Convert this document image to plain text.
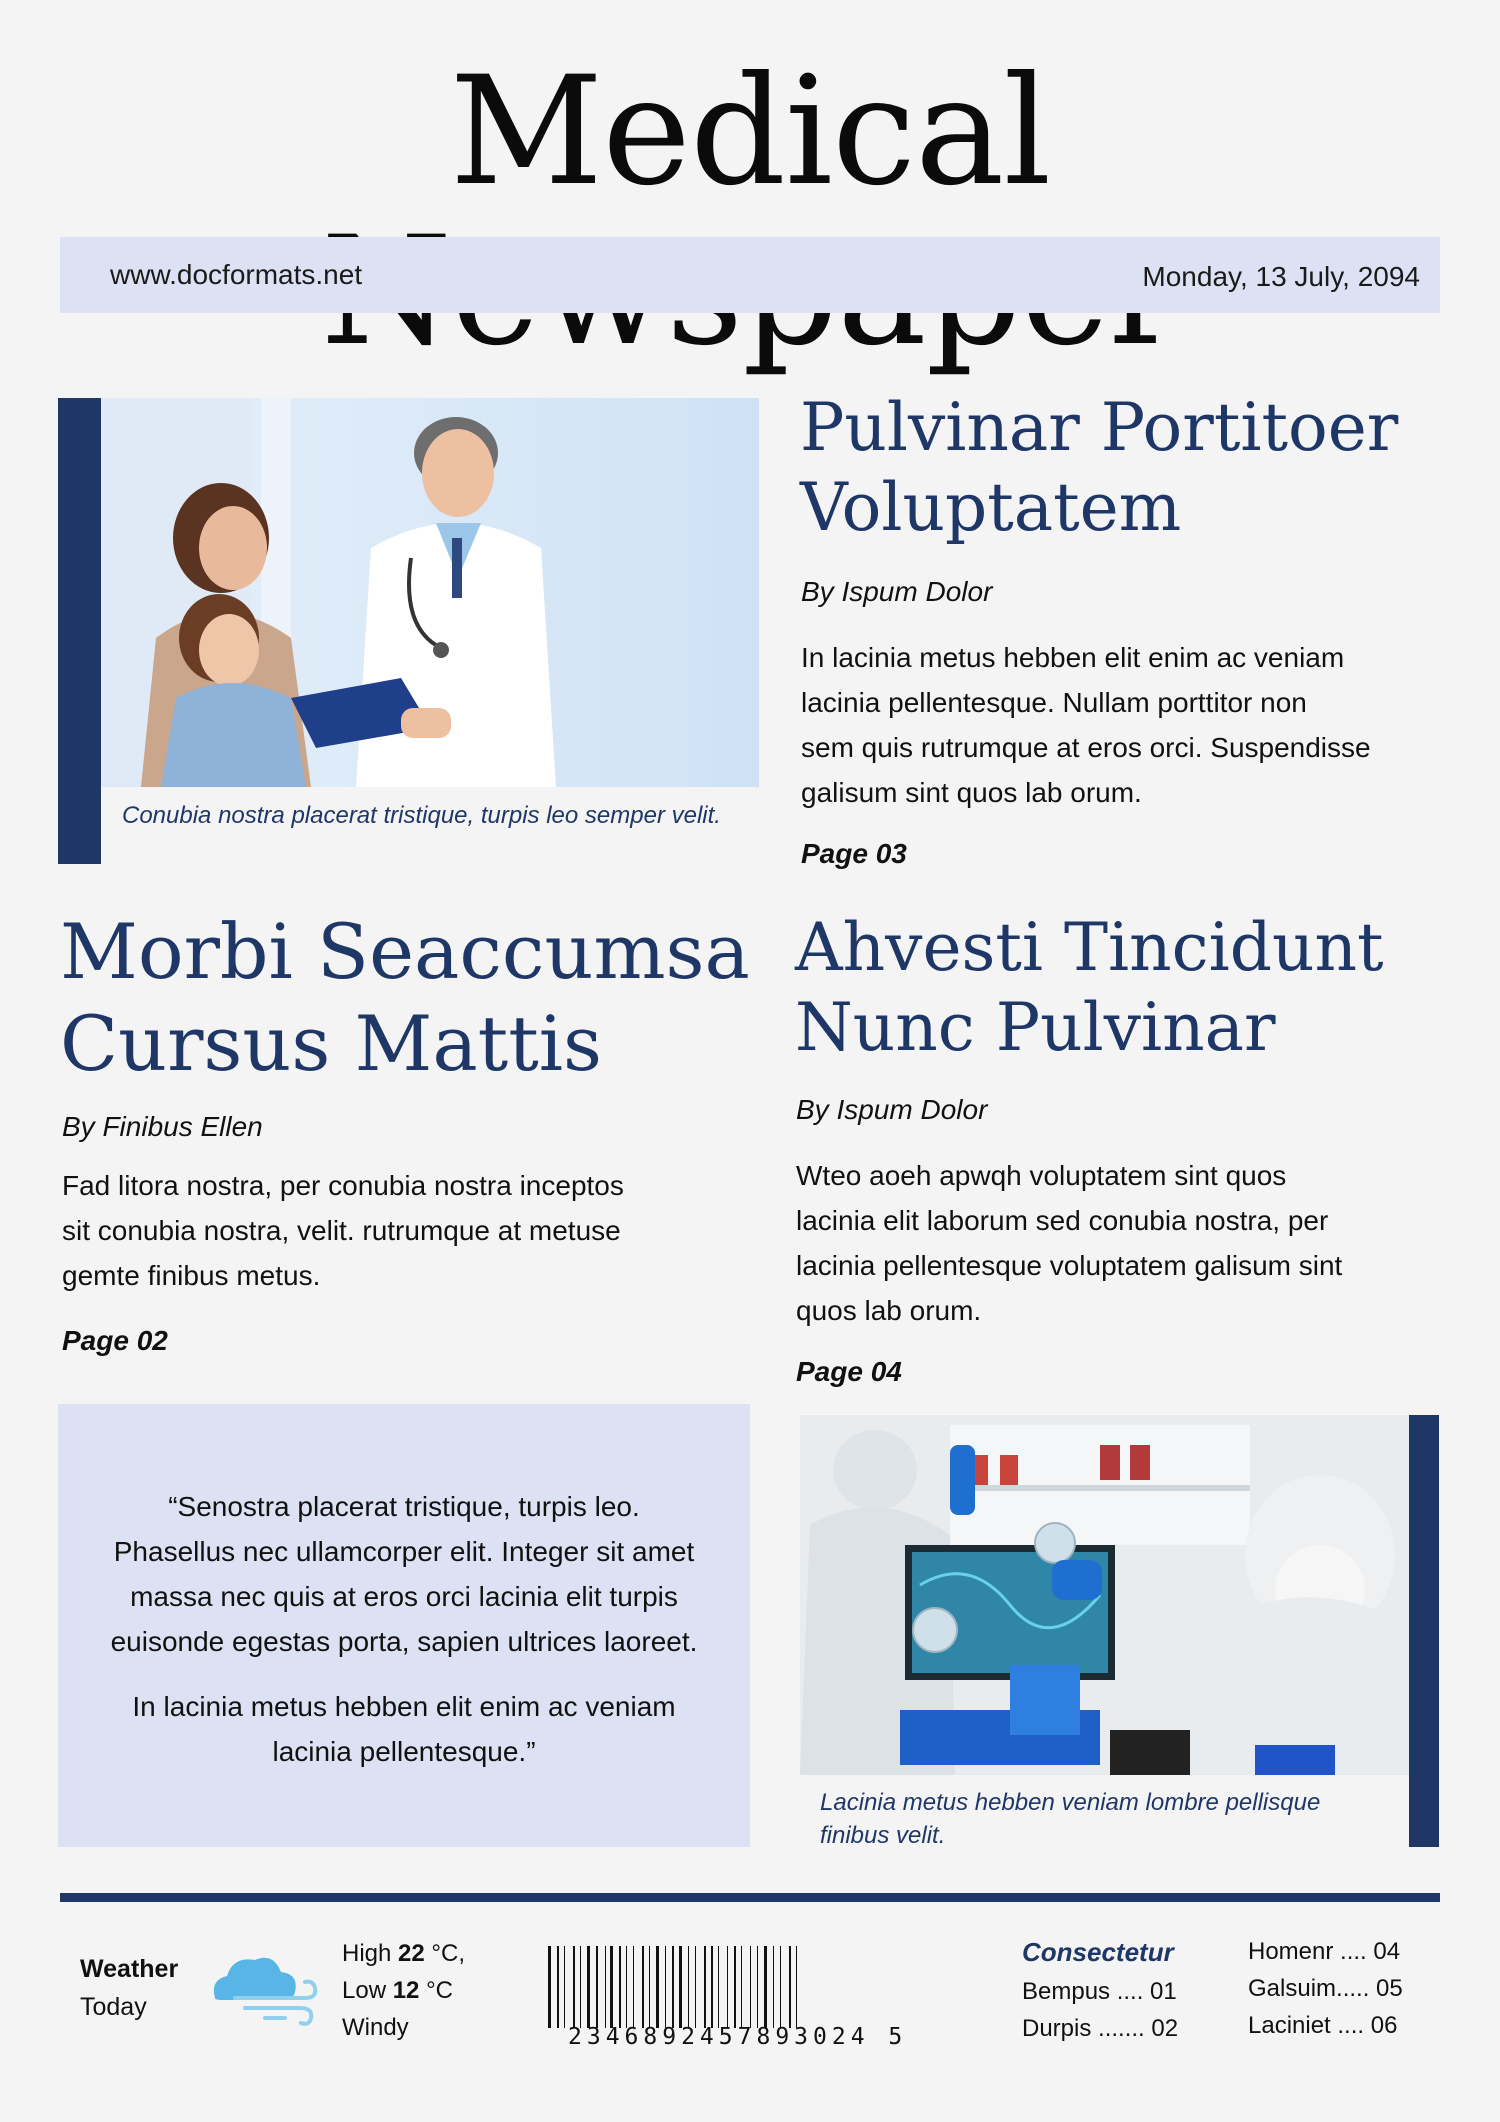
Medical
www.docformats.net	Monday, 13 July, 2094
Conubia nostra placerat tristique, turpis leo semper velit.
Pulvinar Portitoer
Voluptatem
By Ispum Dolor
In lacinia metus hebben elit enim ac veniam
lacinia pellentesque. Nullam porttitor non
sem quis rutrumque at eros orci. Suspendisse
galisum sint quos lab orum.
Page 03
Morbi Seaccumsa
Cursus Mattis
By Finibus Ellen
Fad litora nostra, per conubia nostra inceptos
sit conubia nostra, velit. rutrumque at metuse
gemte finibus metus.
Page 02
Ahvesti Tincidunt
Nunc Pulvinar
By Ispum Dolor
Wteo aoeh apwqh voluptatem sint quos
lacinia elit laborum sed conubia nostra, per
lacinia pellentesque voluptatem galisum sint
quos lab orum.
Page 04
“Senostra placerat tristique, turpis leo.
Phasellus nec ullamcorper elit. Integer sit amet
massa nec quis at eros orci lacinia elit turpis
euisonde egestas porta, sapien ultrices laoreet.
In lacinia metus hebben elit enim ac veniam
lacinia pellentesque.”
Lacinia metus hebben veniam lombre pellisque
finibus velit.
Weather
Today
High 22 °C,
Low 12 °C
Windy	2346892457893024 5
Consectetur
Bempus .... 01
Durpis ....... 02
Homenr .... 04
Galsuim..... 05
Laciniet .... 06
